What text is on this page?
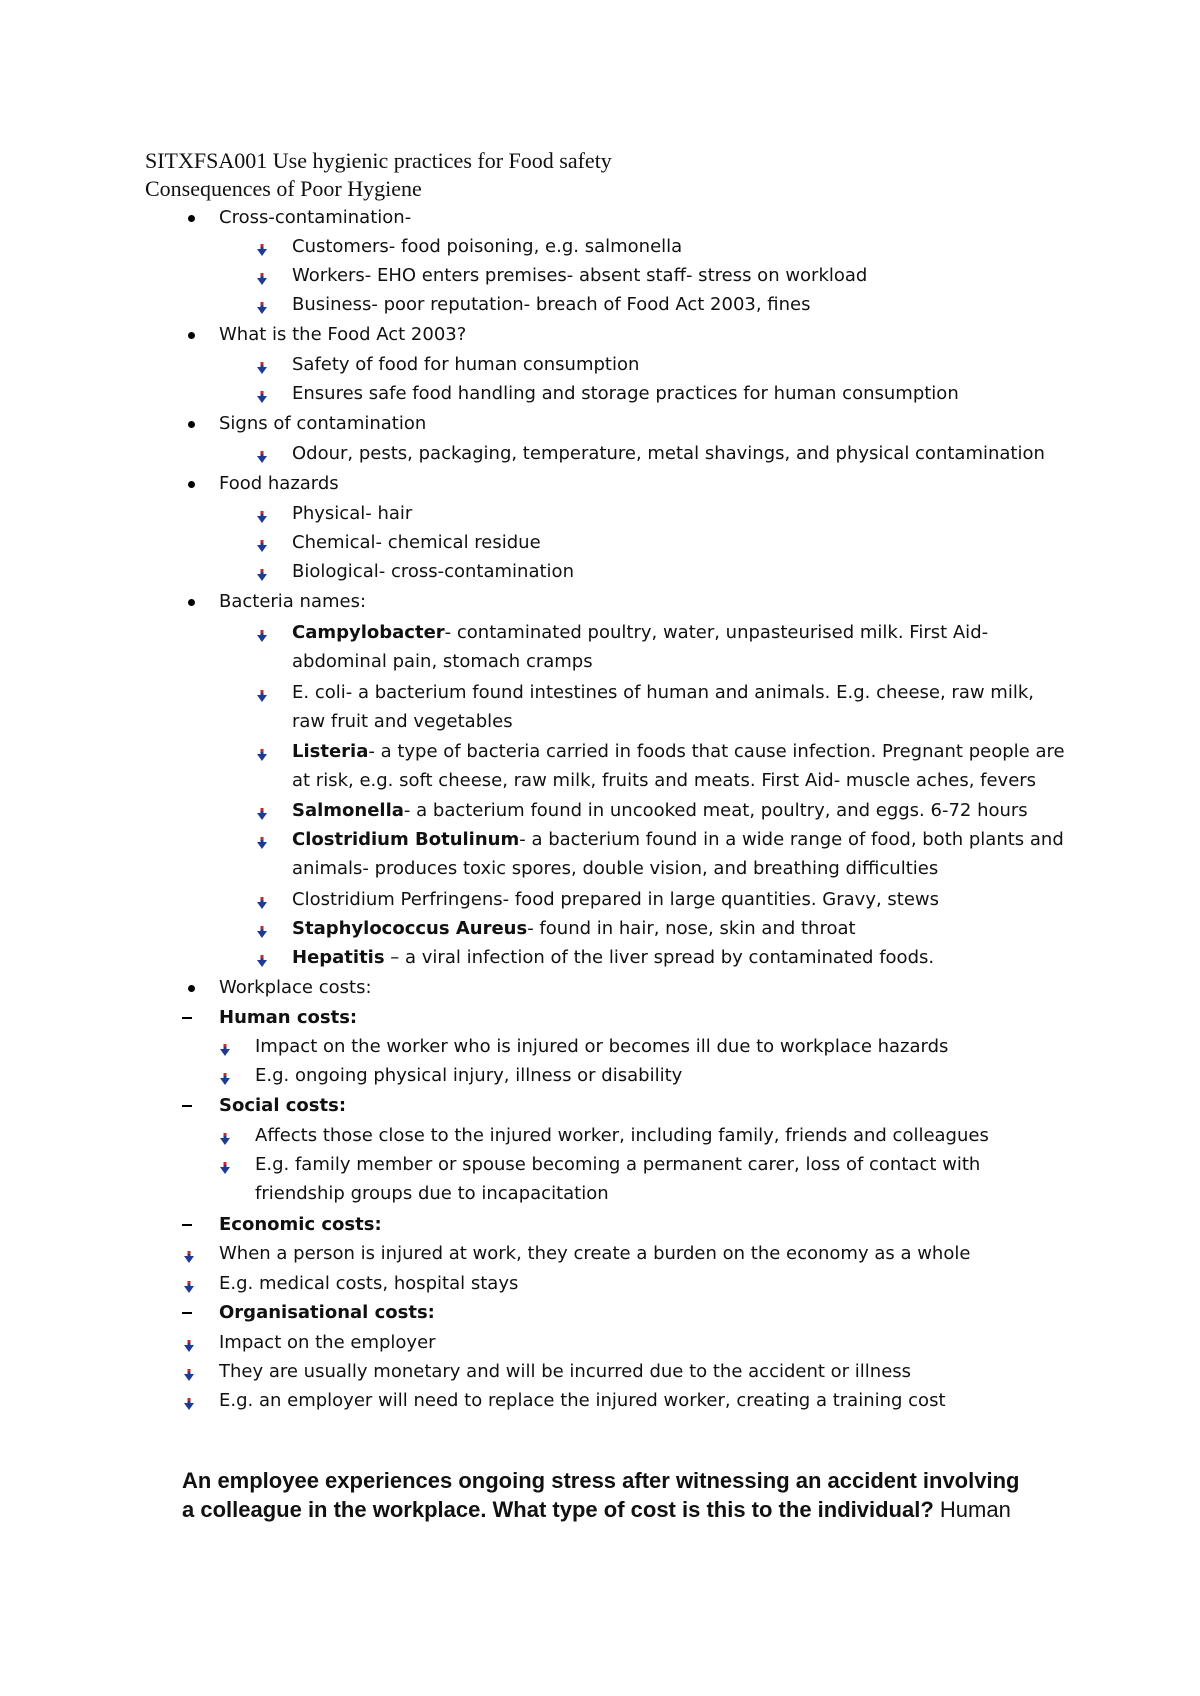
SITXFSA001 Use hygienic practices for Food safety
Consequences of Poor Hygiene
Cross-contamination-
Customers- food poisoning, e.g. salmonella
Workers- EHO enters premises- absent staff- stress on workload
Business- poor reputation- breach of Food Act 2003, fines
What is the Food Act 2003?
Safety of food for human consumption
Ensures safe food handling and storage practices for human consumption
Signs of contamination
Odour, pests, packaging, temperature, metal shavings, and physical contamination
Food hazards
Physical- hair
Chemical- chemical residue
Biological- cross-contamination
Bacteria names:
Campylobacter- contaminated poultry, water, unpasteurised milk. First Aid-
abdominal pain, stomach cramps
E. coli- a bacterium found intestines of human and animals. E.g. cheese, raw milk,
raw fruit and vegetables
Listeria- a type of bacteria carried in foods that cause infection. Pregnant people are
at risk, e.g. soft cheese, raw milk, fruits and meats. First Aid- muscle aches, fevers
Salmonella- a bacterium found in uncooked meat, poultry, and eggs. 6-72 hours
Clostridium Botulinum- a bacterium found in a wide range of food, both plants and
animals- produces toxic spores, double vision, and breathing difficulties
Clostridium Perfringens- food prepared in large quantities. Gravy, stews
Staphylococcus Aureus- found in hair, nose, skin and throat
Hepatitis – a viral infection of the liver spread by contaminated foods.
Workplace costs:
Human costs:
Impact on the worker who is injured or becomes ill due to workplace hazards
E.g. ongoing physical injury, illness or disability
Social costs:
Affects those close to the injured worker, including family, friends and colleagues
E.g. family member or spouse becoming a permanent carer, loss of contact with
friendship groups due to incapacitation
Economic costs:
When a person is injured at work, they create a burden on the economy as a whole
E.g. medical costs, hospital stays
Organisational costs:
Impact on the employer
They are usually monetary and will be incurred due to the accident or illness
E.g. an employer will need to replace the injured worker, creating a training cost
An employee experiences ongoing stress after witnessing an accident involving
a colleague in the workplace. What type of cost is this to the individual? Human
